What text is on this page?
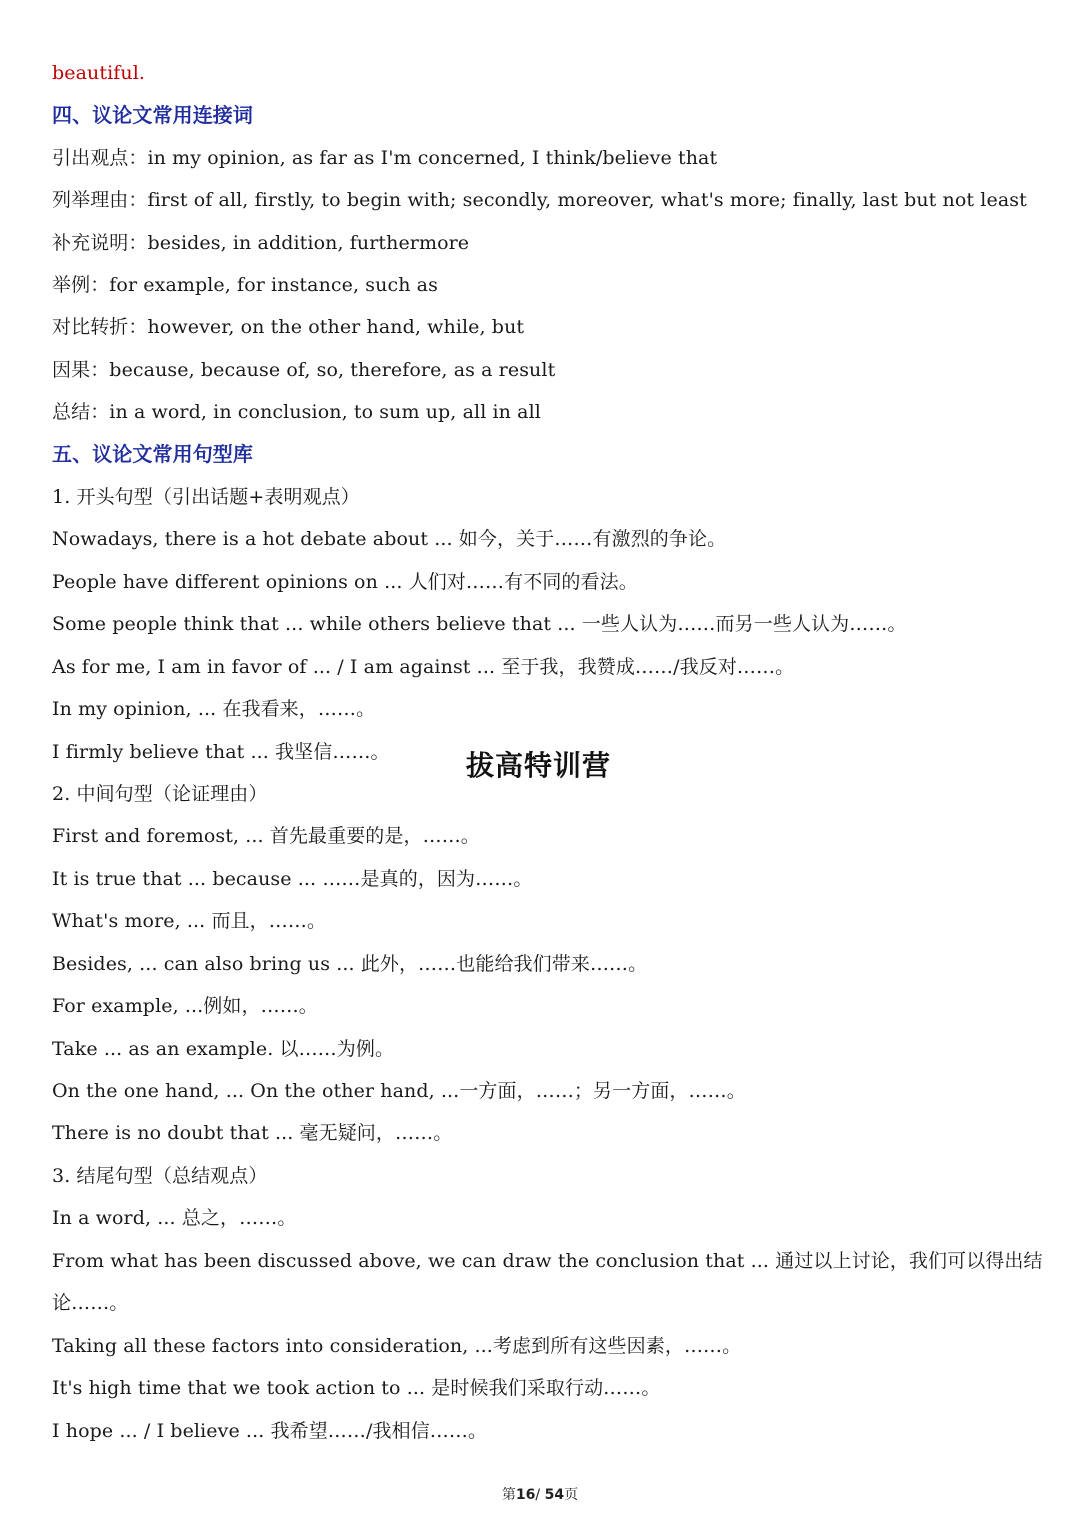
beautiful.
四、议论文常用连接词
引出观点：in my opinion, as far as I'm concerned, I think/believe that
列举理由：first of all, firstly, to begin with; secondly, moreover, what's more; finally, last but not least
补充说明：besides, in addition, furthermore
举例：for example, for instance, such as
对比转折：however, on the other hand, while, but
因果：because, because of, so, therefore, as a result
总结：in a word, in conclusion, to sum up, all in all
五、议论文常用句型库
1. 开头句型（引出话题+表明观点）
Nowadays, there is a hot debate about ... 如今，关于……有激烈的争论。
People have different opinions on ... 人们对……有不同的看法。
Some people think that ... while others believe that ... 一些人认为……而另一些人认为……。
As for me, I am in favor of ... / I am against ... 至于我，我赞成……/我反对……。
In my opinion, ... 在我看来，……。
I firmly believe that ... 我坚信……。
2. 中间句型（论证理由）
First and foremost, ... 首先最重要的是，……。
It is true that ... because ... ……是真的，因为……。
What's more, ... 而且，……。
Besides, ... can also bring us ... 此外，……也能给我们带来……。
For example, ...例如，……。
Take ... as an example. 以……为例。
On the one hand, ... On the other hand, ...一方面，……；另一方面，……。
There is no doubt that ... 毫无疑问，……。
3. 结尾句型（总结观点）
In a word, ... 总之，……。
From what has been discussed above, we can draw the conclusion that ... 通过以上讨论，我们可以得出结
论……。
Taking all these factors into consideration, ...考虑到所有这些因素，……。
It's high time that we took action to ... 是时候我们采取行动……。
I hope ... / I believe ... 我希望……/我相信……。
拔高特训营
第16/ 54页
